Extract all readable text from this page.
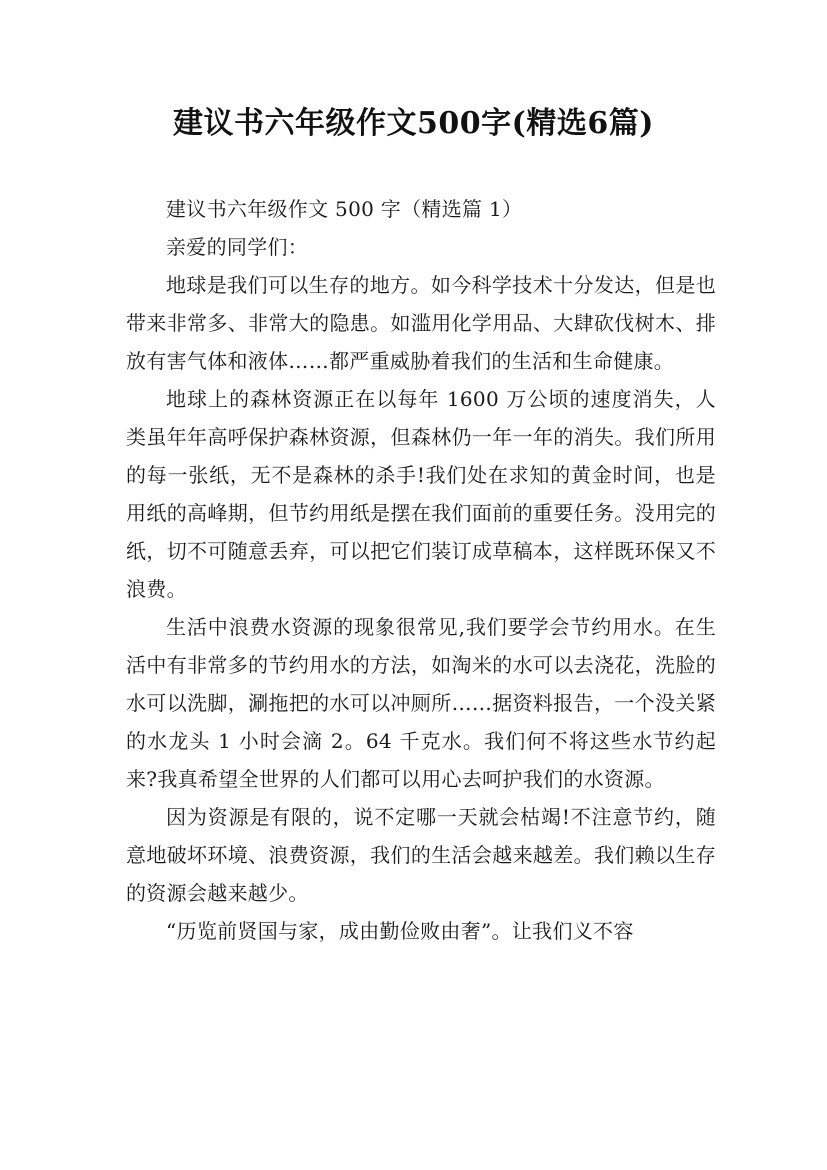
建议书六年级作文500字(精选6篇)

建议书六年级作文 500 字（精选篇 1）

亲爱的同学们：

地球是我们可以生存的地方。如今科学技术十分发达，但是也带来非常多、非常大的隐患。如滥用化学用品、大肆砍伐树木、排放有害气体和液体……都严重威胁着我们的生活和生命健康。

地球上的森林资源正在以每年 1600 万公顷的速度消失，人类虽年年高呼保护森林资源，但森林仍一年一年的消失。我们所用的每一张纸，无不是森林的杀手!我们处在求知的黄金时间，也是用纸的高峰期，但节约用纸是摆在我们面前的重要任务。没用完的纸，切不可随意丢弃，可以把它们装订成草稿本，这样既环保又不浪费。

生活中浪费水资源的现象很常见,我们要学会节约用水。在生活中有非常多的节约用水的方法，如淘米的水可以去浇花，洗脸的水可以洗脚，涮拖把的水可以冲厕所……据资料报告，一个没关紧的水龙头 1 小时会滴 2。64 千克水。我们何不将这些水节约起来?我真希望全世界的人们都可以用心去呵护我们的水资源。

因为资源是有限的，说不定哪一天就会枯竭!不注意节约，随意地破坏环境、浪费资源，我们的生活会越来越差。我们赖以生存的资源会越来越少。

“历览前贤国与家，成由勤俭败由奢”。让我们义不容
